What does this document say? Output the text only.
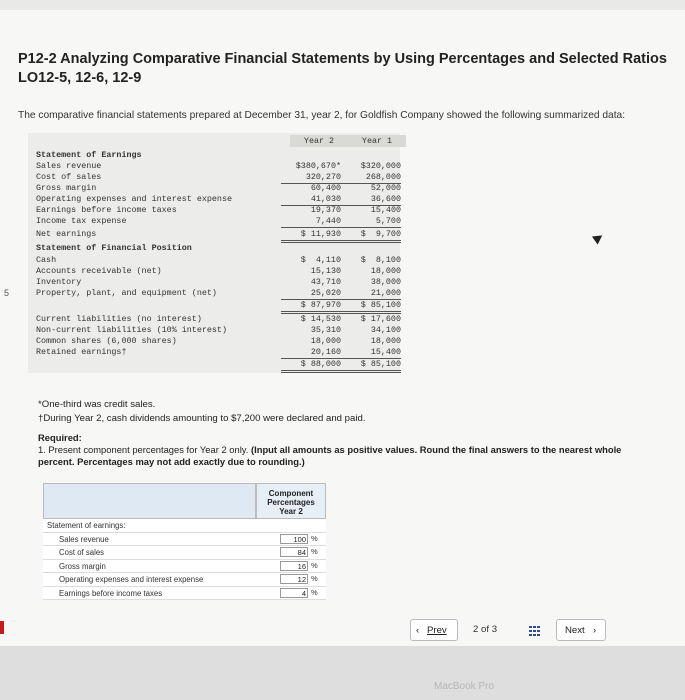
P12-2 Analyzing Comparative Financial Statements by Using Percentages and Selected Ratios LO12-5, 12-6, 12-9
The comparative financial statements prepared at December 31, year 2, for Goldfish Company showed the following summarized data:
Year 2	Year 1
Statement of Earnings
Sales revenue	$380,670*	$320,000
Cost of sales	320,270	268,000
Gross margin	60,400	52,000
Operating expenses and interest expense	41,030	36,600
Earnings before income taxes	19,370	15,400
Income tax expense	7,440	5,700
Net earnings	$ 11,930	$  9,700
Statement of Financial Position
Cash	$  4,110	$  8,100
Accounts receivable (net)	15,130	18,000
Inventory	43,710	38,000
Property, plant, and equipment (net)	25,020	21,000
$ 87,970	$ 85,100
Current liabilities (no interest)	$ 14,530	$ 17,600
Non-current liabilities (10% interest)	35,310	34,100
Common shares (6,000 shares)	18,000	18,000
Retained earnings†	20,160	15,400
$ 88,000	$ 85,100
5
*One-third was credit sales.
†During Year 2, cash dividends amounting to $7,200 were declared and paid.
Required:
1. Present component percentages for Year 2 only. (Input all amounts as positive values. Round the final answers to the nearest whole percent. Percentages may not add exactly due to rounding.)
Component
Percentages
Year 2
Statement of earnings:
Sales revenue	100 %
Cost of sales	84 %
Gross margin	16 %
Operating expenses and interest expense	12 %
Earnings before income taxes	4 %
‹ Prev	2 of 3	Next ›
MacBook Pro
